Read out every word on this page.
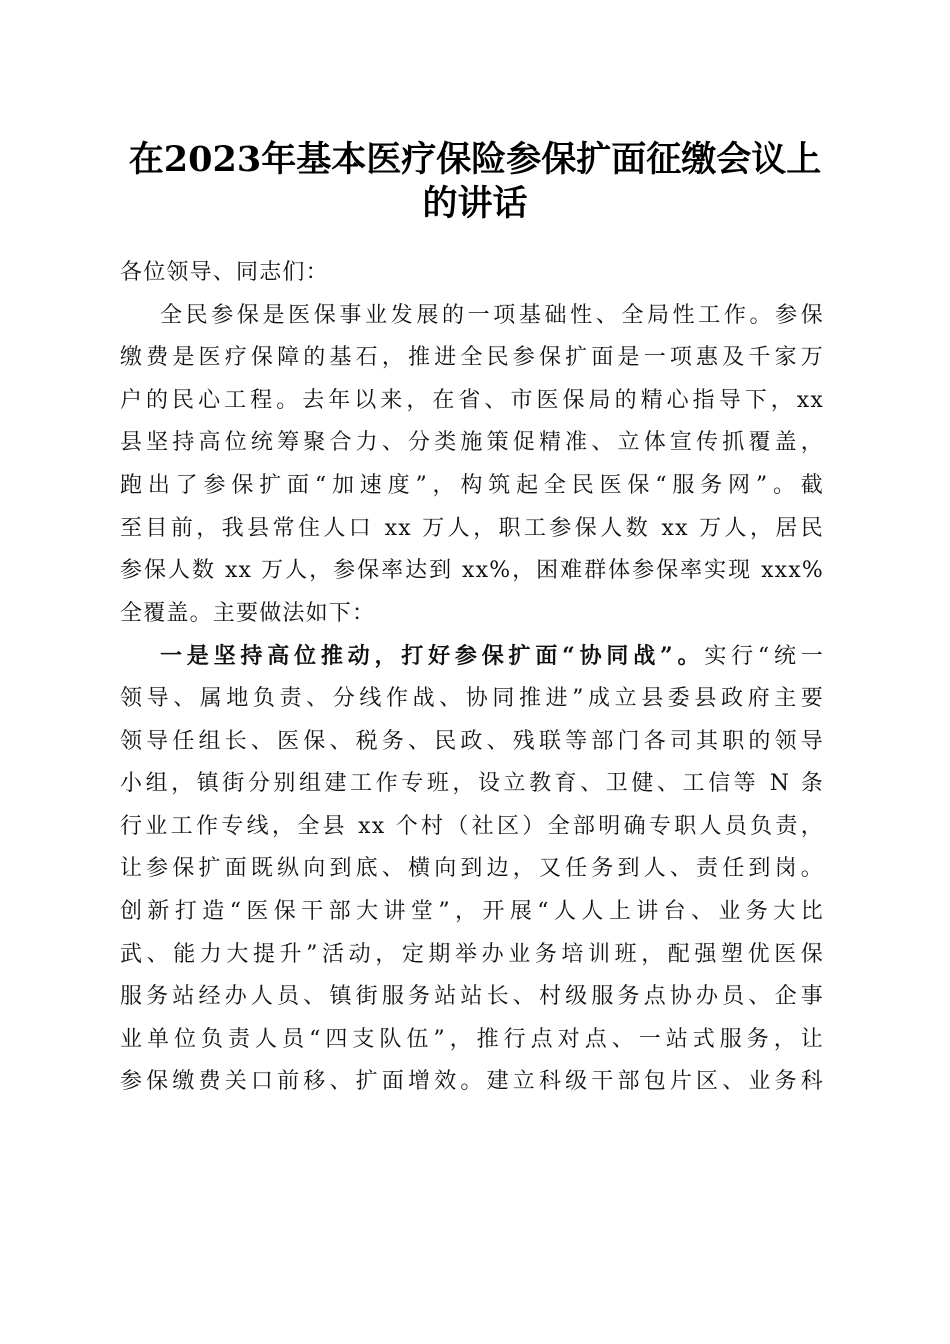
在2023年基本医疗保险参保扩面征缴会议上
的讲话
各位领导、同志们：
全民参保是医保事业发展的一项基础性、全局性工作。参保
缴费是医疗保障的基石，推进全民参保扩面是一项惠及千家万
户的民心工程。去年以来，在省、市医保局的精心指导下，xx
县坚持高位统筹聚合力、分类施策促精准、立体宣传抓覆盖，
跑出了参保扩面“加速度”，构筑起全民医保“服务网”。截
至目前，我县常住人口 xx 万人，职工参保人数 xx 万人，居民
参保人数 xx 万人，参保率达到 xx%，困难群体参保率实现 xxx%
全覆盖。主要做法如下：
一是坚持高位推动，打好参保扩面“协同战”。实行“统一
领导、属地负责、分线作战、协同推进”成立县委县政府主要
领导任组长、医保、税务、民政、残联等部门各司其职的领导
小组，镇街分别组建工作专班，设立教育、卫健、工信等 N 条
行业工作专线，全县 xx 个村（社区）全部明确专职人员负责，
让参保扩面既纵向到底、横向到边，又任务到人、责任到岗。
创新打造“医保干部大讲堂”，开展“人人上讲台、业务大比
武、能力大提升”活动，定期举办业务培训班，配强塑优医保
服务站经办人员、镇街服务站站长、村级服务点协办员、企事
业单位负责人员“四支队伍”，推行点对点、一站式服务，让
参保缴费关口前移、扩面增效。建立科级干部包片区、业务科
